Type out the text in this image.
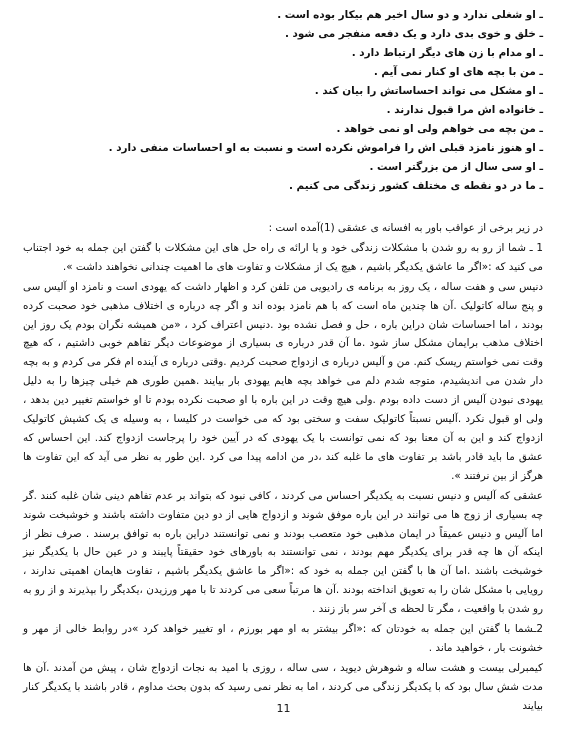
ـ او شغلی ندارد و دو سال اخیر هم بیکار بوده است .
ـ خلق و خوی بدی دارد و یک دفعه منفجر می شود .
ـ او مدام با زن های دیگر ارتباط دارد .
ـ من با بچه های او کنار نمی آیم .
ـ او مشکل می تواند احساساتش را بیان کند .
ـ خانواده اش مرا قبول ندارند .
ـ من بچه می خواهم ولی او نمی خواهد .
ـ او هنوز نامزد قبلی اش را فراموش نکرده است و نسبت به او احساسات منفی دارد .
ـ او سی سال از من بزرگتر است .
ـ ما در دو نقطه ی مختلف کشور زندگی می کنیم .

در زیر برخی از عواقب باور به افسانه ی عشقی (1)آمده است :

1 ـ شما از رو به رو شدن با مشکلات زندگی خود و یا ارائه ی راه حل های این مشکلات با گفتن این جمله به خود اجتناب می کنید که :«اگر ما عاشق یکدیگر باشیم ، هیچ یک از مشکلات و تفاوت های ما اهمیت چندانی نخواهند داشت ».

دنیس سی و هفت ساله ، یک روز به برنامه ی رادیویی من تلفن کرد و اظهار داشت که یهودی است و نامزد او آلیس سی و پنج ساله کاتولیک .آن ها چندین ماه است که با هم نامزد بوده اند و اگر چه درباره ی اختلاف مذهبی خود صحبت کرده بودند ، اما احساسات شان دراین باره ، حل و فصل نشده بود .دنیس اعتراف کرد ، «من همیشه نگران بودم یک روز این اختلاف مذهب برایمان مشکل ساز شود .ما آن قدر درباره ی بسیاری از موضوعات دیگر تفاهم خوبی داشتیم ، که هیچ وقت نمی خواستم ریسک کنم. من و آلیس درباره ی ازدواج صحبت کردیم .وقتی درباره ی آینده ام فکر می کردم و به بچه دار شدن می اندیشیدم، متوجه شدم دلم می خواهد بچه هایم یهودی بار بیایند .همین طوری هم خیلی چیزها را به دلیل یهودی نبودن آلیس از دست داده بودم .ولی هیچ وقت در این باره با او صحبت نکرده بودم تا او خواستم تغییر دین بدهد ، ولی او قبول نکرد .آلیس نسبتاً کاتولیک سفت و سختی بود که می خواست در کلیسا ، به وسیله ی یک کشیش کاتولیک ازدواج کند و این به آن معنا بود که نمی توانست با یک یهودی که در آیین خود را پرجاست ازدواج کند. این احساس که عشق ما باید قادر باشد بر تفاوت های ما غلبه کند ،در من ادامه پیدا می کرد .این طور به نظر می آید که این تفاوت ها هرگز از بین نرفتند ».

عشقی که آلیس و دنیس نسبت به یکدیگر احساس می کردند ، کافی نبود که بتواند بر عدم تفاهم دینی شان غلبه کنند .گر چه بسیاری از زوج ها می توانند در این باره موفق شوند و ازدواج هایی از دو دین متفاوت داشته باشند و خوشبخت شوند اما آلیس و دنیس عمیقاً در ایمان مذهبی خود متعصب بودند و نمی توانستند دراین باره به توافق برسند . صرف نظر از اینکه آن ها چه قدر برای یکدیگر مهم بودند ، نمی توانستند به باورهای خود حقیقتاً پایبند و در عین حال با یکدیگر نیز خوشبخت باشند .اما آن ها با گفتن این جمله به خود که :«اگر ما عاشق یکدیگر باشیم ، تفاوت هایمان اهمیتی ندارند ، رویایی با مشکل شان را به تعویق انداخته بودند .آن ها مرتباً سعی می کردند تا با مهر ورزیدن ،یکدیگر را بپذیرند و از رو به رو شدن با واقعیت ، مگر تا لحظه ی آخر سر باز زنند .

2ـشما با گفتن این جمله به خودتان که :«اگر بیشتر به او مهر بورزم ، او تغییر خواهد کرد »در روابط خالی از مهر و خشونت بار ، خواهید ماند .

کیمبرلی بیست و هشت ساله و شوهرش دیوید ، سی ساله ، روزی با امید به نجات ازدواج شان ، پیش من آمدند .آن ها مدت شش سال بود که با یکدیگر زندگی می کردند ، اما به نظر نمی رسید که بدون بحث مداوم ، قادر باشند با یکدیگر کنار بیایند

11
